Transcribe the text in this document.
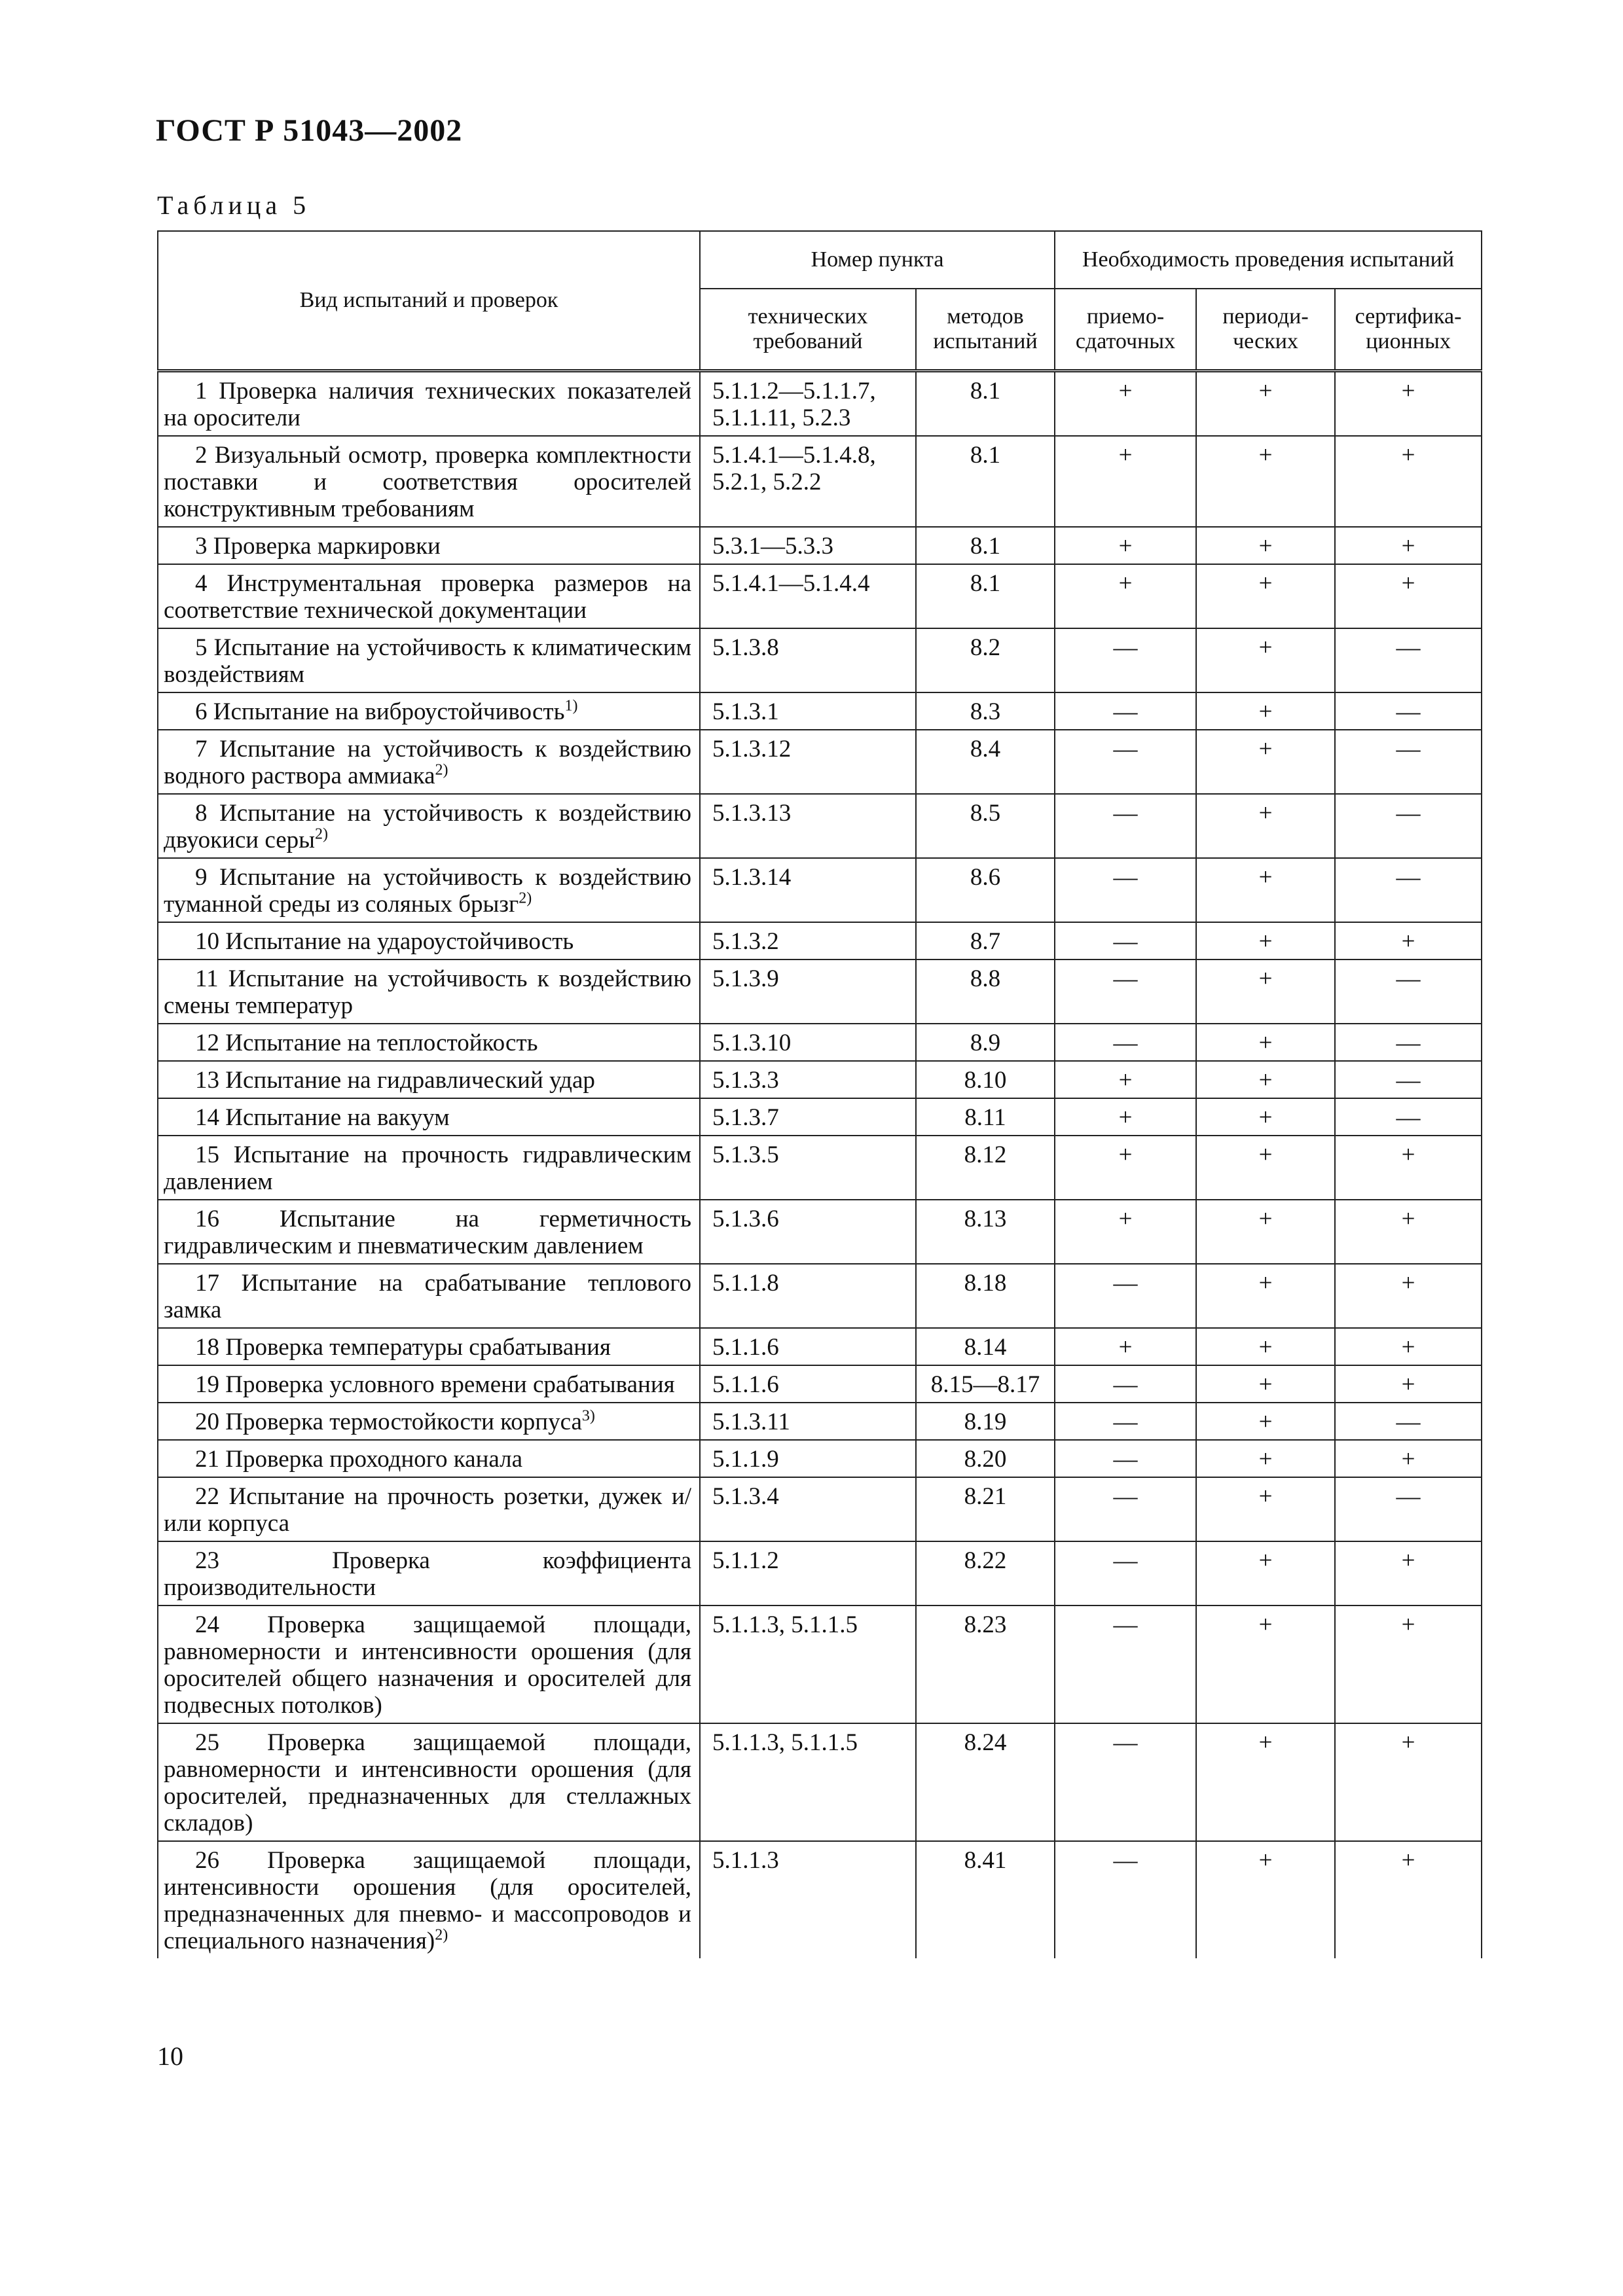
ГОСТ Р 51043—2002
Таблица 5
Вид испытаний и проверок	Номер пункта		Необходимость проведения испытаний		
	технических требований	методов испытаний	приемо-сдаточных	периоди-ческих	сертифика-ционных
1 Проверка наличия технических показателей на оросители	5.1.1.2—5.1.1.7, 5.1.1.11, 5.2.3	8.1	+	+	+
2 Визуальный осмотр, проверка комплектности поставки и соответствия оросителей конструктивным требованиям	5.1.4.1—5.1.4.8, 5.2.1, 5.2.2	8.1	+	+	+
3 Проверка маркировки	5.3.1—5.3.3	8.1	+	+	+
4 Инструментальная проверка размеров на соответствие технической документации	5.1.4.1—5.1.4.4	8.1	+	+	+
5 Испытание на устойчивость к климатическим воздействиям	5.1.3.8	8.2	—	+	—
6 Испытание на виброустойчивость$^{1)}$	5.1.3.1	8.3	—	+	—
7 Испытание на устойчивость к воздействию водного раствора аммиака$^{2)}$	5.1.3.12	8.4	—	+	—
8 Испытание на устойчивость к воздействию двуокиси серы$^{2)}$	5.1.3.13	8.5	—	+	—
9 Испытание на устойчивость к воздействию туманной среды из соляных брызг$^{2)}$	5.1.3.14	8.6	—	+	—
10 Испытание на удароустойчивость	5.1.3.2	8.7	—	+	+
11 Испытание на устойчивость к воздействию смены температур	5.1.3.9	8.8	—	+	—
12 Испытание на теплостойкость	5.1.3.10	8.9	—	+	—
13 Испытание на гидравлический удар	5.1.3.3	8.10	+	+	—
14 Испытание на вакуум	5.1.3.7	8.11	+	+	—
15 Испытание на прочность гидравлическим давлением	5.1.3.5	8.12	+	+	+
16 Испытание на герметичность гидравлическим и пневматическим давлением	5.1.3.6	8.13	+	+	+
17 Испытание на срабатывание теплового замка	5.1.1.8	8.18	—	+	+
18 Проверка температуры срабатывания	5.1.1.6	8.14	+	+	+
19 Проверка условного времени срабатывания	5.1.1.6	8.15—8.17	—	+	+
20 Проверка термостойкости корпуса$^{3)}$	5.1.3.11	8.19	—	+	—
21 Проверка проходного канала	5.1.1.9	8.20	—	+	+
22 Испытание на прочность розетки, дужек и/или корпуса	5.1.3.4	8.21	—	+	—
23 Проверка коэффициента производительности	5.1.1.2	8.22	—	+	+
24 Проверка защищаемой площади, равномерности и интенсивности орошения (для оросителей общего назначения и оросителей для подвесных потолков)	5.1.1.3, 5.1.1.5	8.23	—	+	+
25 Проверка защищаемой площади, равномерности и интенсивности орошения (для оросителей, предназначенных для стеллажных складов)	5.1.1.3, 5.1.1.5	8.24	—	+	+
26 Проверка защищаемой площади, интенсивности орошения (для оросителей, предназначенных для пневмо- и массопроводов и специального назначения)$^{2)}$	5.1.1.3	8.41	—	+	+
10
